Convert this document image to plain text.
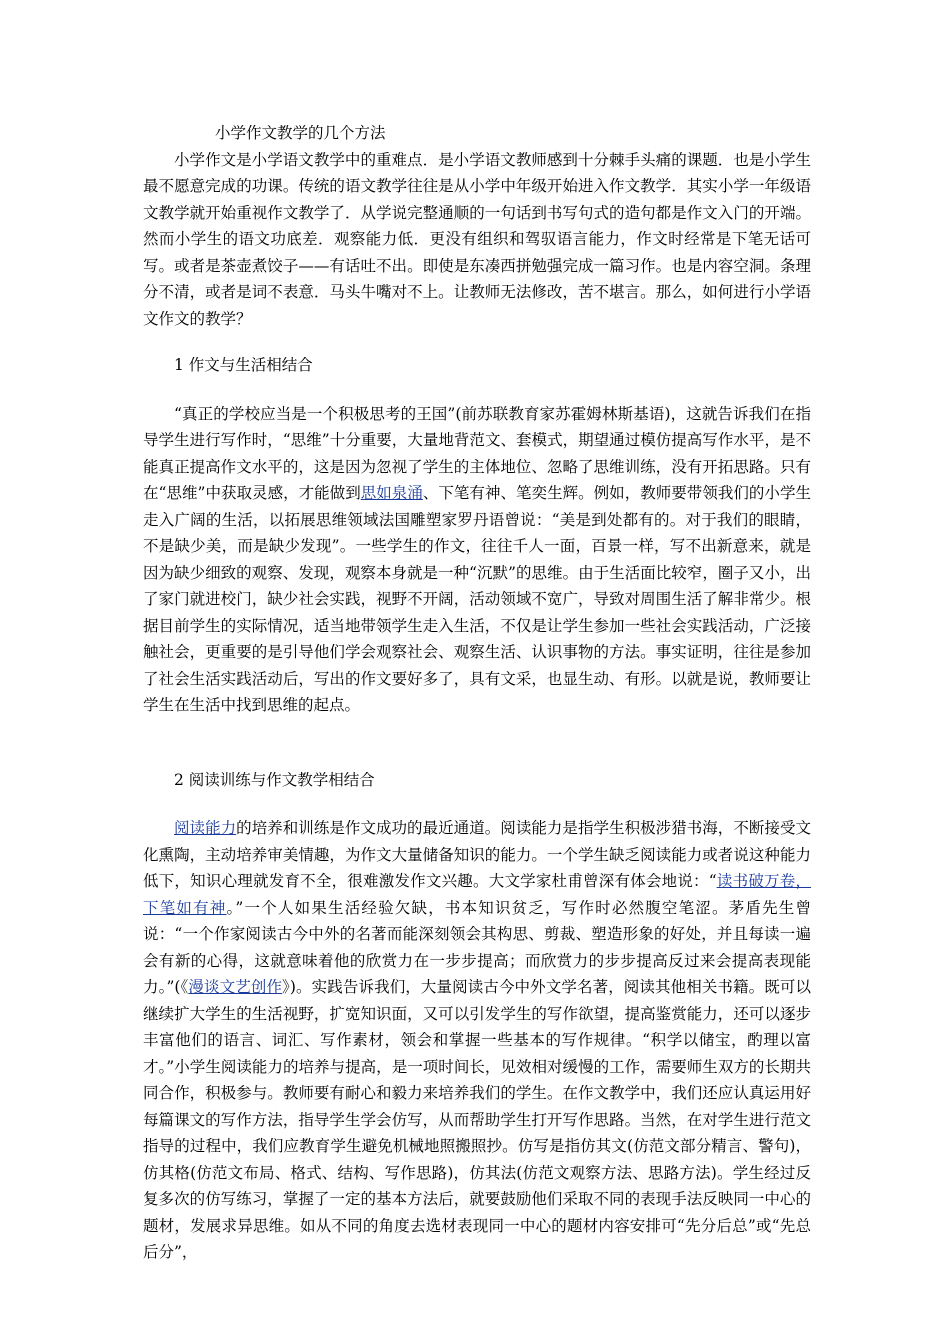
小学作文教学的几个方法

小学作文是小学语文教学中的重难点．是小学语文教师感到十分棘手头痛的课题．也是小学生最不愿意完成的功课。传统的语文教学往往是从小学中年级开始进入作文教学．其实小学一年级语文教学就开始重视作文教学了．从学说完整通顺的一句话到书写句式的造句都是作文入门的开端。然而小学生的语文功底差．观察能力低．更没有组织和驾驭语言能力，作文时经常是下笔无话可写。或者是茶壶煮饺子——有话吐不出。即使是东凑西拼勉强完成一篇习作。也是内容空洞。条理分不清，或者是词不表意．马头牛嘴对不上。让教师无法修改，苦不堪言。那么，如何进行小学语文作文的教学？

1 作文与生活相结合

“真正的学校应当是一个积极思考的王国”(前苏联教育家苏霍姆林斯基语)，这就告诉我们在指导学生进行写作时，“思维”十分重要，大量地背范文、套模式，期望通过模仿提高写作水平，是不能真正提高作文水平的，这是因为忽视了学生的主体地位、忽略了思维训练，没有开拓思路。只有在“思维”中获取灵感，才能做到思如泉涌、下笔有神、笔奕生辉。例如，教师要带领我们的小学生走入广阔的生活，以拓展思维领域法国雕塑家罗丹语曾说：“美是到处都有的。对于我们的眼睛，不是缺少美，而是缺少发现”。一些学生的作文，往往千人一面，百景一样，写不出新意来，就是因为缺少细致的观察、发现，观察本身就是一种“沉默”的思维。由于生活面比较窄，圈子又小，出了家门就进校门，缺少社会实践，视野不开阔，活动领域不宽广，导致对周围生活了解非常少。根据目前学生的实际情况，适当地带领学生走入生活，不仅是让学生参加一些社会实践活动，广泛接触社会，更重要的是引导他们学会观察社会、观察生活、认识事物的方法。事实证明，往往是参加了社会生活实践活动后，写出的作文要好多了，具有文采，也显生动、有形。以就是说，教师要让学生在生活中找到思维的起点。

2 阅读训练与作文教学相结合

阅读能力的培养和训练是作文成功的最近通道。阅读能力是指学生积极涉猎书海，不断接受文化熏陶，主动培养审美情趣，为作文大量储备知识的能力。一个学生缺乏阅读能力或者说这种能力低下，知识心理就发育不全，很难激发作文兴趣。大文学家杜甫曾深有体会地说：“读书破万卷，下笔如有神。”一个人如果生活经验欠缺，书本知识贫乏，写作时必然腹空笔涩。茅盾先生曾说：“一个作家阅读古今中外的名著而能深刻领会其构思、剪裁、塑造形象的好处，并且每读一遍会有新的心得，这就意味着他的欣赏力在一步步提高；而欣赏力的步步提高反过来会提高表现能力。”(《漫谈文艺创作》)。实践告诉我们，大量阅读古今中外文学名著，阅读其他相关书籍。既可以继续扩大学生的生活视野，扩宽知识面，又可以引发学生的写作欲望，提高鉴赏能力，还可以逐步丰富他们的语言、词汇、写作素材，领会和掌握一些基本的写作规律。“积学以储宝，酌理以富才。”小学生阅读能力的培养与提高，是一项时间长，见效相对缓慢的工作，需要师生双方的长期共同合作，积极参与。教师要有耐心和毅力来培养我们的学生。在作文教学中，我们还应认真运用好每篇课文的写作方法，指导学生学会仿写，从而帮助学生打开写作思路。当然，在对学生进行范文指导的过程中，我们应教育学生避免机械地照搬照抄。仿写是指仿其文(仿范文部分精言、警句)，仿其格(仿范文布局、格式、结构、写作思路)，仿其法(仿范文观察方法、思路方法)。学生经过反复多次的仿写练习，掌握了一定的基本方法后，就要鼓励他们采取不同的表现手法反映同一中心的题材，发展求异思维。如从不同的角度去选材表现同一中心的题材内容安排可“先分后总”或“先总后分”，
